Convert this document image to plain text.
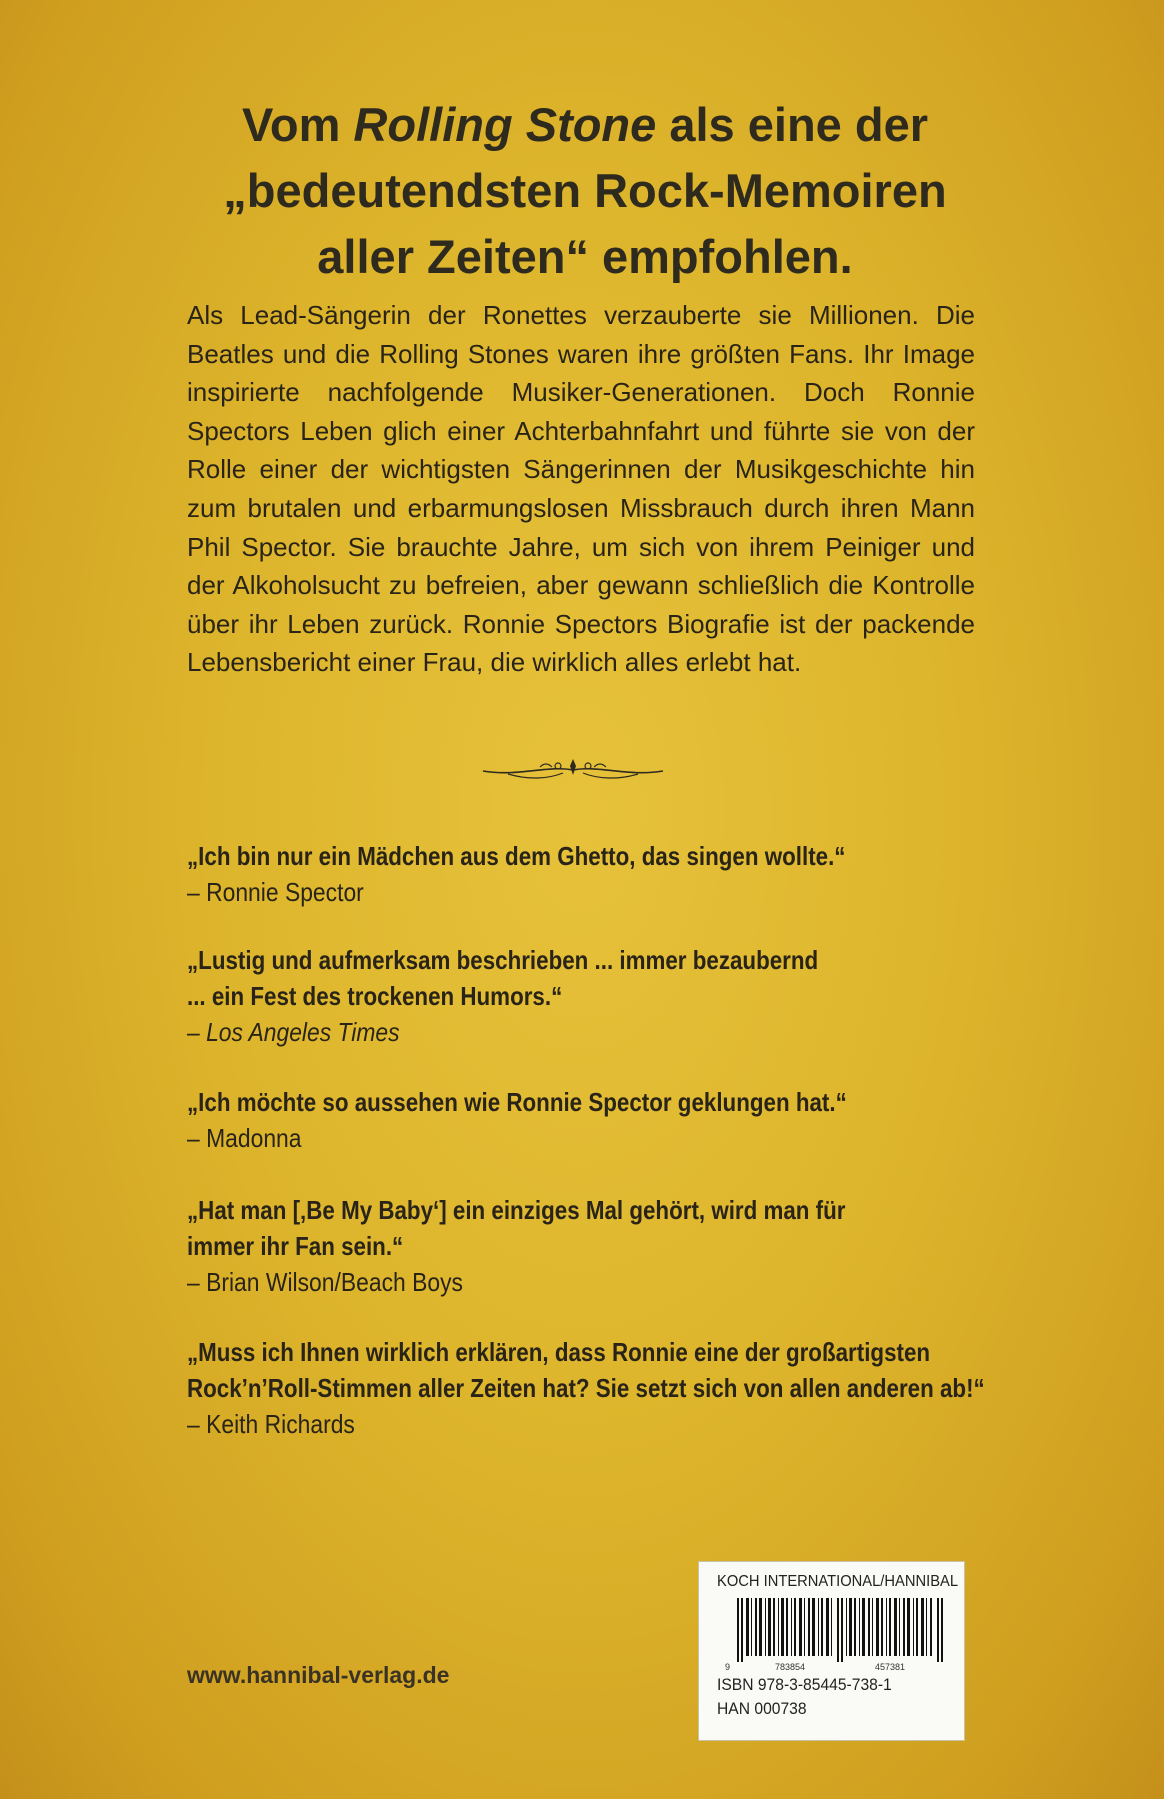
Vom Rolling Stone als eine der
„bedeutendsten Rock-Memoiren
aller Zeiten“ empfohlen.
Als Lead-Sängerin der Ronettes verzauberte sie Millionen. Die Beatles und die Rolling Stones waren ihre größten Fans. Ihr Image inspirierte nachfolgende Musiker-Generationen. Doch Ronnie Spectors Leben glich einer Achterbahnfahrt und führte sie von der Rolle einer der wichtigsten Sängerinnen der Musikgeschichte hin zum brutalen und erbarmungslosen Missbrauch durch ihren Mann Phil Spector. Sie brauchte Jahre, um sich von ihrem Peiniger und der Alkoholsucht zu befreien, aber gewann schließlich die Kontrolle über ihr Leben zurück. Ronnie Spectors Biografie ist der packende Lebensbericht einer Frau, die wirklich alles erlebt hat.
„Ich bin nur ein Mädchen aus dem Ghetto, das singen wollte.“
– Ronnie Spector
„Lustig und aufmerksam beschrieben ... immer bezaubernd ... ein Fest des trockenen Humors.“
– Los Angeles Times
„Ich möchte so aussehen wie Ronnie Spector geklungen hat.“
– Madonna
„Hat man [‚Be My Baby‘] ein einziges Mal gehört, wird man für immer ihr Fan sein.“
– Brian Wilson/Beach Boys
„Muss ich Ihnen wirklich erklären, dass Ronnie eine der großartigsten Rock’n’Roll-Stimmen aller Zeiten hat? Sie setzt sich von allen anderen ab!“
– Keith Richards
www.hannibal-verlag.de
KOCH INTERNATIONAL/HANNIBAL
9	783854	457381
ISBN 978-3-85445-738-1
HAN 000738
